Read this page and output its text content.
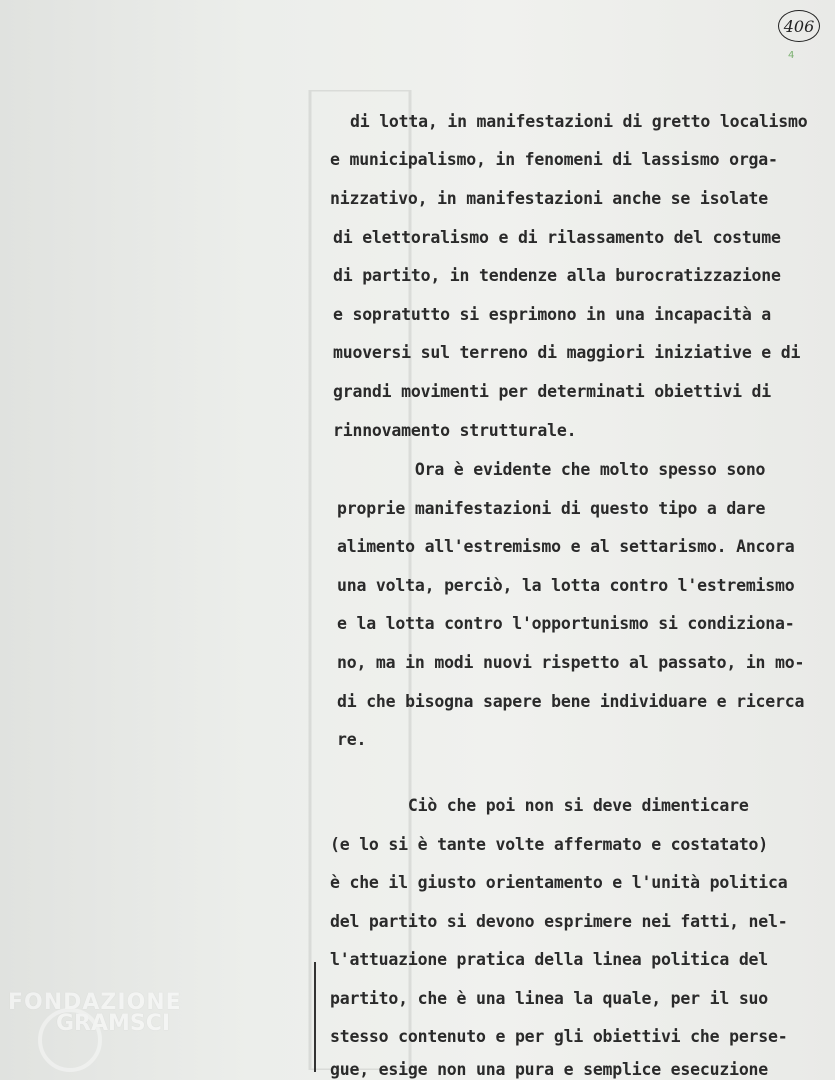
406
4
di lotta, in manifestazioni di gretto localismo
e municipalismo, in fenomeni di lassismo orga-
nizzativo, in manifestazioni anche se isolate
di elettoralismo e di rilassamento del costume
di partito, in tendenze alla burocratizzazione
e sopratutto si esprimono in una incapacità a
muoversi sul terreno di maggiori iniziative e di
grandi movimenti per determinati obiettivi di
rinnovamento strutturale.
Ora è evidente che molto spesso sono
proprie manifestazioni di questo tipo a dare
alimento all'estremismo e al settarismo. Ancora
una volta, perciò, la lotta contro l'estremismo
e la lotta contro l'opportunismo si condiziona-
no, ma in modi nuovi rispetto al passato, in mo-
di che bisogna sapere bene individuare e ricerca
re.
Ciò che poi non si deve dimenticare
(e lo si è tante volte affermato e costatato)
è che il giusto orientamento e l'unità politica
del partito si devono esprimere nei fatti, nel-
l'attuazione pratica della linea politica del
partito, che è una linea la quale, per il suo
stesso contenuto e per gli obiettivi che perse-
gue, esige non una pura e semplice esecuzione
FONDAZIONE
GRAMSCI
